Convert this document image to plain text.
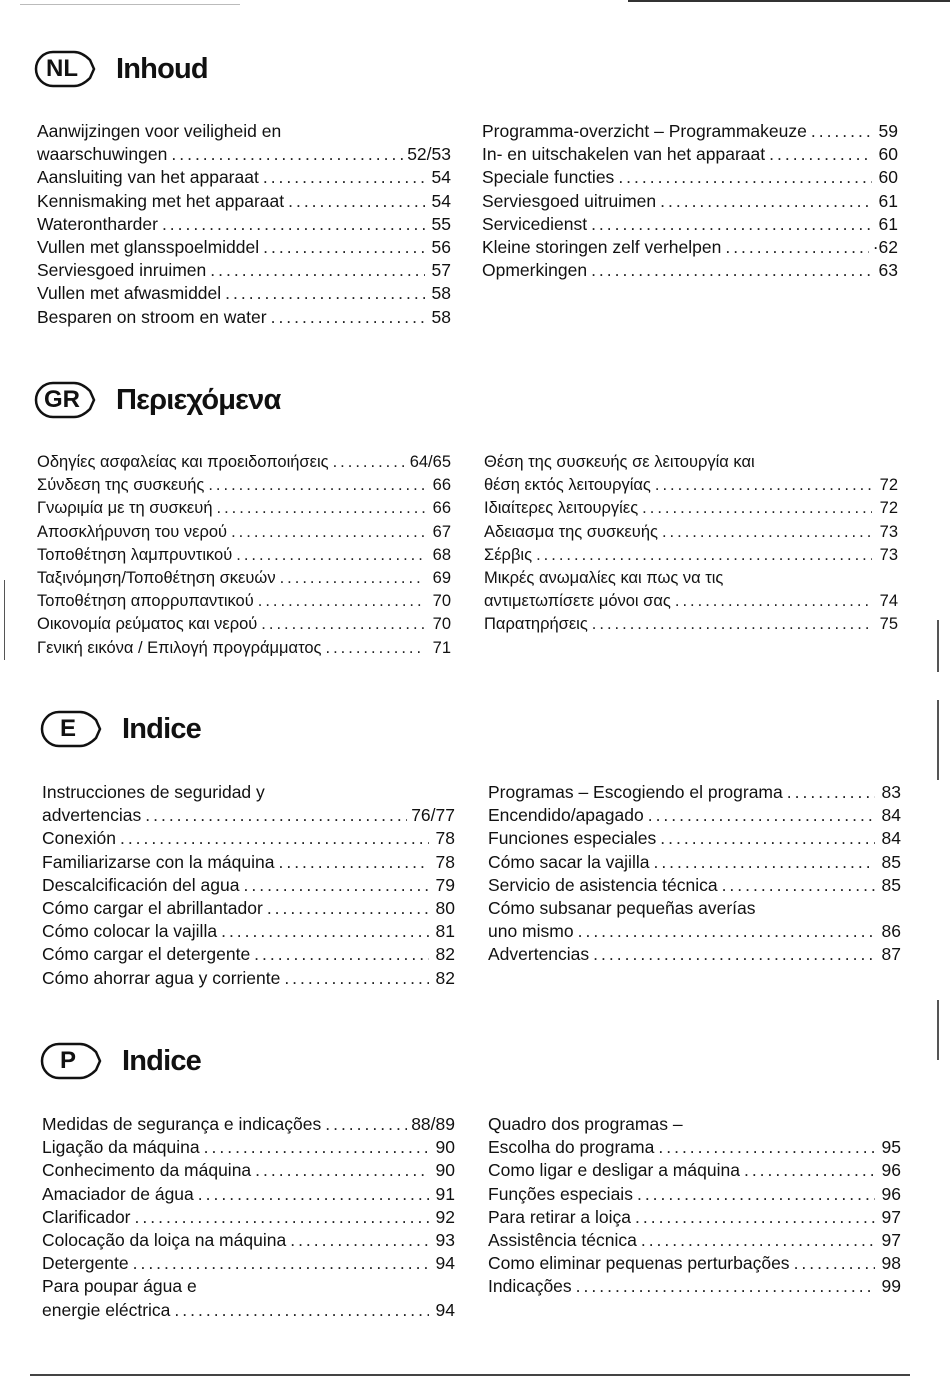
NL	Inhoud
Aanwijzingen voor veiligheid en
waarschuwingen .....	52/53
Aansluiting van het apparaat .....	54
Kennismaking met het apparaat .....	54
Waterontharder .....	55
Vullen met glansspoelmiddel .....	56
Serviesgoed inruimen .....	57
Vullen met afwasmiddel .....	58
Besparen on stroom en water .....	58
Programma-overzicht – Programmakeuze .....	59
In- en uitschakelen van het apparaat .....	60
Speciale functies .....	60
Serviesgoed uitruimen .....	61
Servicedienst .....	61
Kleine storingen zelf verhelpen .....	·62
Opmerkingen .....	63
GR	Περιεχόμενα
Οδηγίες ασφαλείας και προειδοποιήσεις .....	64/65
Σύνδεση της συσκευής .....	66
Γνωριμία με τη συσκευή .....	66
Αποσκλήρυνση του νερού .....	67
Τοποθέτηση λαμπρυντικού .....	68
Ταξινόμηση/Τοποθέτηση σκευών .....	69
Τοποθέτηση απορρυπαντικού .....	70
Οικονομία ρεύματος και νερού .....	70
Γενική εικόνα / Επιλογή προγράμματος .....	71
Θέση της συσκευής σε λειτουργία και
θέση εκτός λειτουργίας .....	72
Ιδιαίτερες λειτουργίες .....	72
Αδειασμα της συσκευής .....	73
Σέρβις .....	73
Μικρές ανωμαλίες και πως να τις
αντιμετωπίσετε μόνοι σας .....	74
Παρατηρήσεις .....	75
E	Indice
Instrucciones de seguridad y
advertencias .....	76/77
Conexión .....	78
Familiarizarse con la máquina .....	78
Descalcificación del agua .....	79
Cómo cargar el abrillantador .....	80
Cómo colocar la vajilla .....	81
Cómo cargar el detergente .....	82
Cómo ahorrar agua y corriente .....	82
Programas – Escogiendo el programa .....	83
Encendido/apagado .....	84
Funciones especiales .....	84
Cómo sacar la vajilla .....	85
Servicio de asistencia técnica .....	85
Cómo subsanar pequeñas averías
uno mismo .....	86
Advertencias .....	87
P	Indice
Medidas de segurança e indicações .....	88/89
Ligação da máquina .....	90
Conhecimento da máquina .....	90
Amaciador de água .....	91
Clarificador .....	92
Colocação da loiça na máquina .....	93
Detergente .....	94
Para poupar água e
energie eléctrica .....	94
Quadro dos programas –
Escolha do programa .....	95
Como ligar e desligar a máquina .....	96
Funções especiais .....	96
Para retirar a loiça .....	97
Assistência técnica .....	97
Como eliminar pequenas perturbações .....	98
Indicações .....	99
